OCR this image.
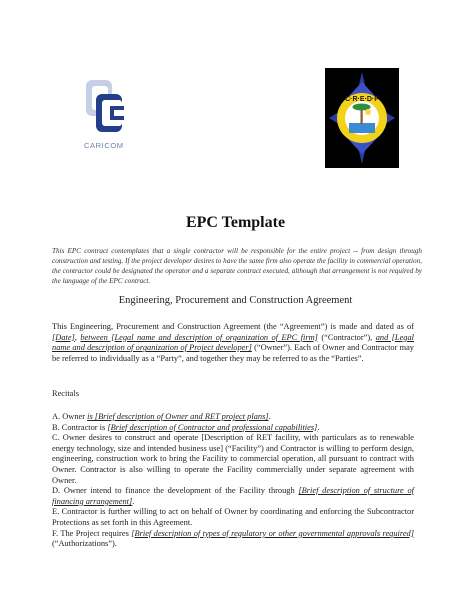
CARICOM
C·R·E·D·P
EPC Template
This EPC contract contemplates that a single contractor will be responsible for the entire project -- from design through construction and testing. If the project developer desires to have the same firm also operate the facility in commercial operation, the contractor could be designated the operator and a separate contract executed, although that arrangement is not required by the language of the EPC contract.
Engineering, Procurement and Construction Agreement
This Engineering, Procurement and Construction Agreement (the “Agreement”) is made and dated as of [Date], between [Legal name and description of organization of EPC firm] (“Contractor”), and [Legal name and description of organization of Project developer] (“Owner”). Each of Owner and Contractor may be referred to individually as a “Party”, and together they may be referred to as the “Parties”.
Recitals
A. Owner is [Brief description of Owner and RET project plans].
B. Contractor is [Brief description of Contractor and professional capabilities].
C. Owner desires to construct and operate [Description of RET facility, with particulars as to renewable energy technology, size and intended business use] (“Facility”) and Contractor is willing to perform design, engineering, construction work to bring the Facility to commercial operation, all pursuant to contract with Owner. Contractor is also willing to operate the Facility commercially under separate agreement with Owner.
D. Owner intend to finance the development of the Facility through [Brief description of structure of financing arrangement].
E. Contractor is further willing to act on behalf of Owner by coordinating and enforcing the Subcontractor Protections as set forth in this Agreement.
F. The Project requires [Brief description of types of regulatory or other governmental approvals required] (“Authorizations”).
